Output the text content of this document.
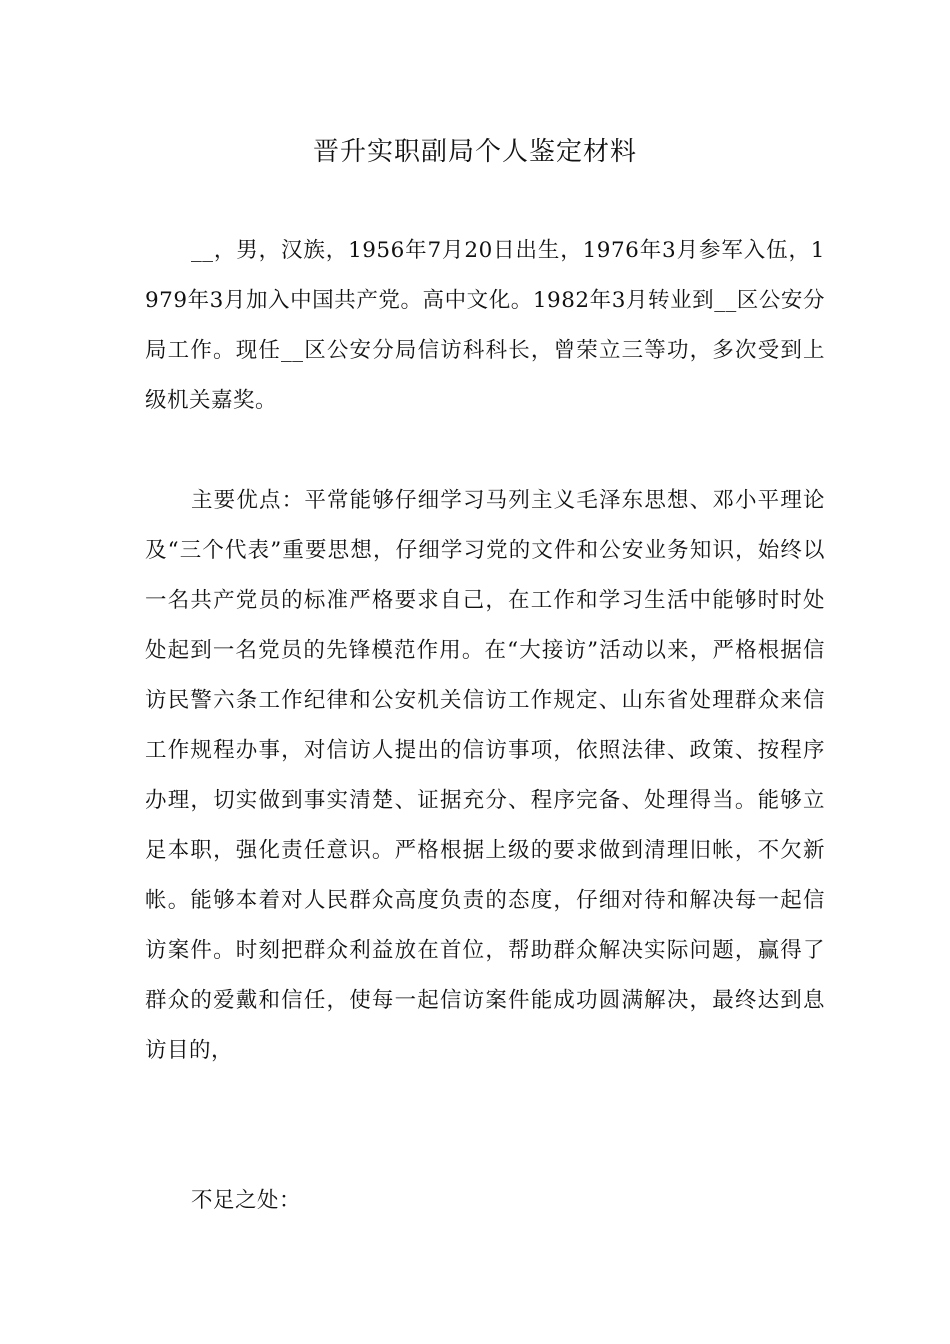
晋升实职副局个人鉴定材料

__，男，汉族，1956年7月20日出生，1976年3月参军入伍，1979年3月加入中国共产党。高中文化。1982年3月转业到__区公安分局工作。现任__区公安分局信访科科长，曾荣立三等功，多次受到上级机关嘉奖。

主要优点：平常能够仔细学习马列主义毛泽东思想、邓小平理论及“三个代表”重要思想，仔细学习党的文件和公安业务知识，始终以一名共产党员的标准严格要求自己，在工作和学习生活中能够时时处处起到一名党员的先锋模范作用。在“大接访”活动以来，严格根据信访民警六条工作纪律和公安机关信访工作规定、山东省处理群众来信工作规程办事，对信访人提出的信访事项，依照法律、政策、按程序办理，切实做到事实清楚、证据充分、程序完备、处理得当。能够立足本职，强化责任意识。严格根据上级的要求做到清理旧帐，不欠新帐。能够本着对人民群众高度负责的态度，仔细对待和解决每一起信访案件。时刻把群众利益放在首位，帮助群众解决实际问题，赢得了群众的爱戴和信任，使每一起信访案件能成功圆满解决，最终达到息访目的，

不足之处：
